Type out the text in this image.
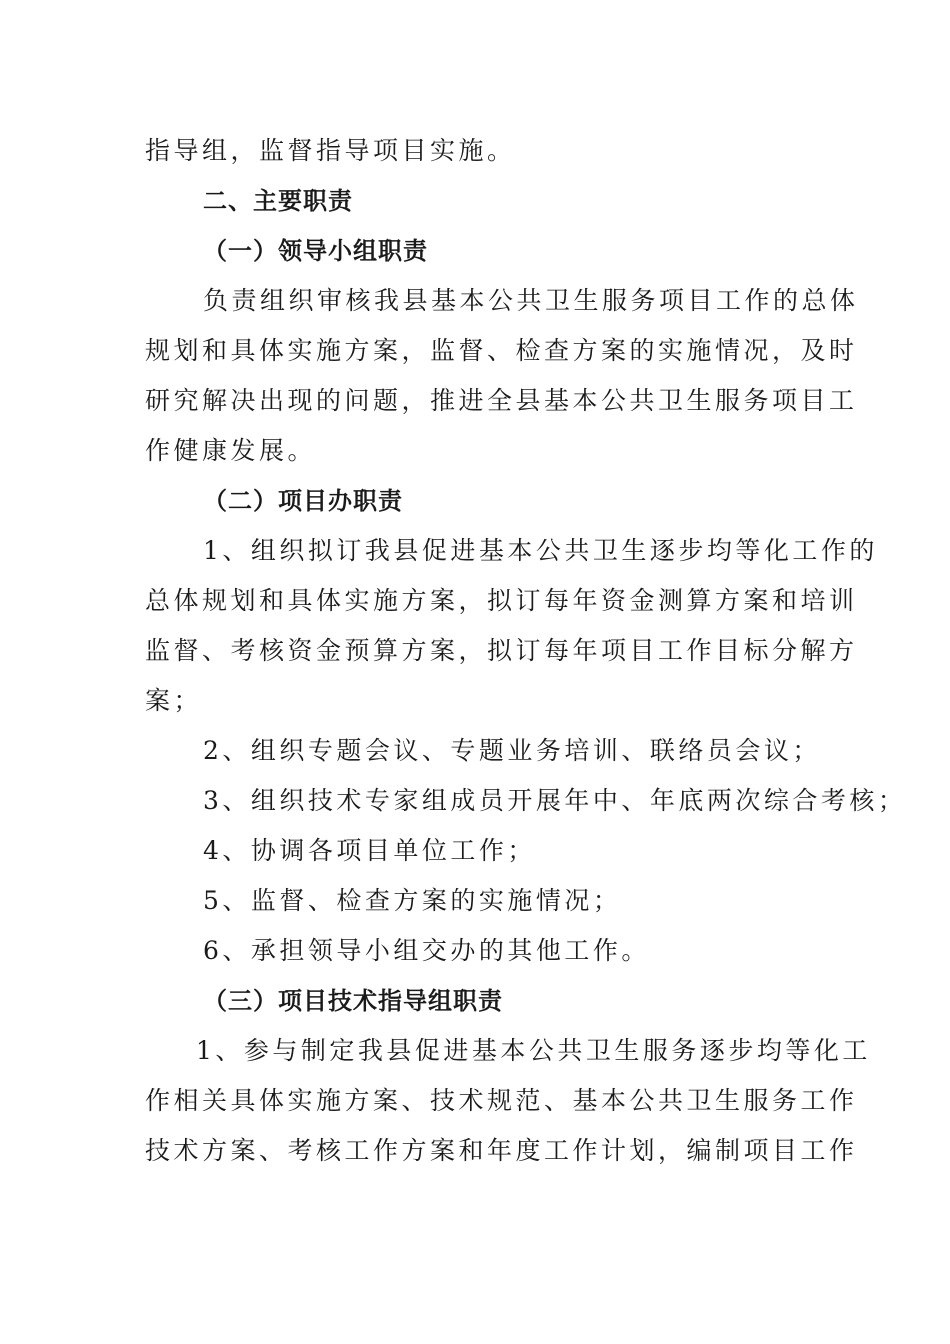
指导组，监督指导项目实施。
二、主要职责
（一）领导小组职责
负责组织审核我县基本公共卫生服务项目工作的总体
规划和具体实施方案，监督、检查方案的实施情况，及时
研究解决出现的问题，推进全县基本公共卫生服务项目工
作健康发展。
（二）项目办职责
1、组织拟订我县促进基本公共卫生逐步均等化工作的
总体规划和具体实施方案，拟订每年资金测算方案和培训
监督、考核资金预算方案，拟订每年项目工作目标分解方
案；
2、组织专题会议、专题业务培训、联络员会议；
3、组织技术专家组成员开展年中、年底两次综合考核；
4、协调各项目单位工作；
5、监督、检查方案的实施情况；
6、承担领导小组交办的其他工作。
（三）项目技术指导组职责
1、参与制定我县促进基本公共卫生服务逐步均等化工
作相关具体实施方案、技术规范、基本公共卫生服务工作
技术方案、考核工作方案和年度工作计划，编制项目工作
